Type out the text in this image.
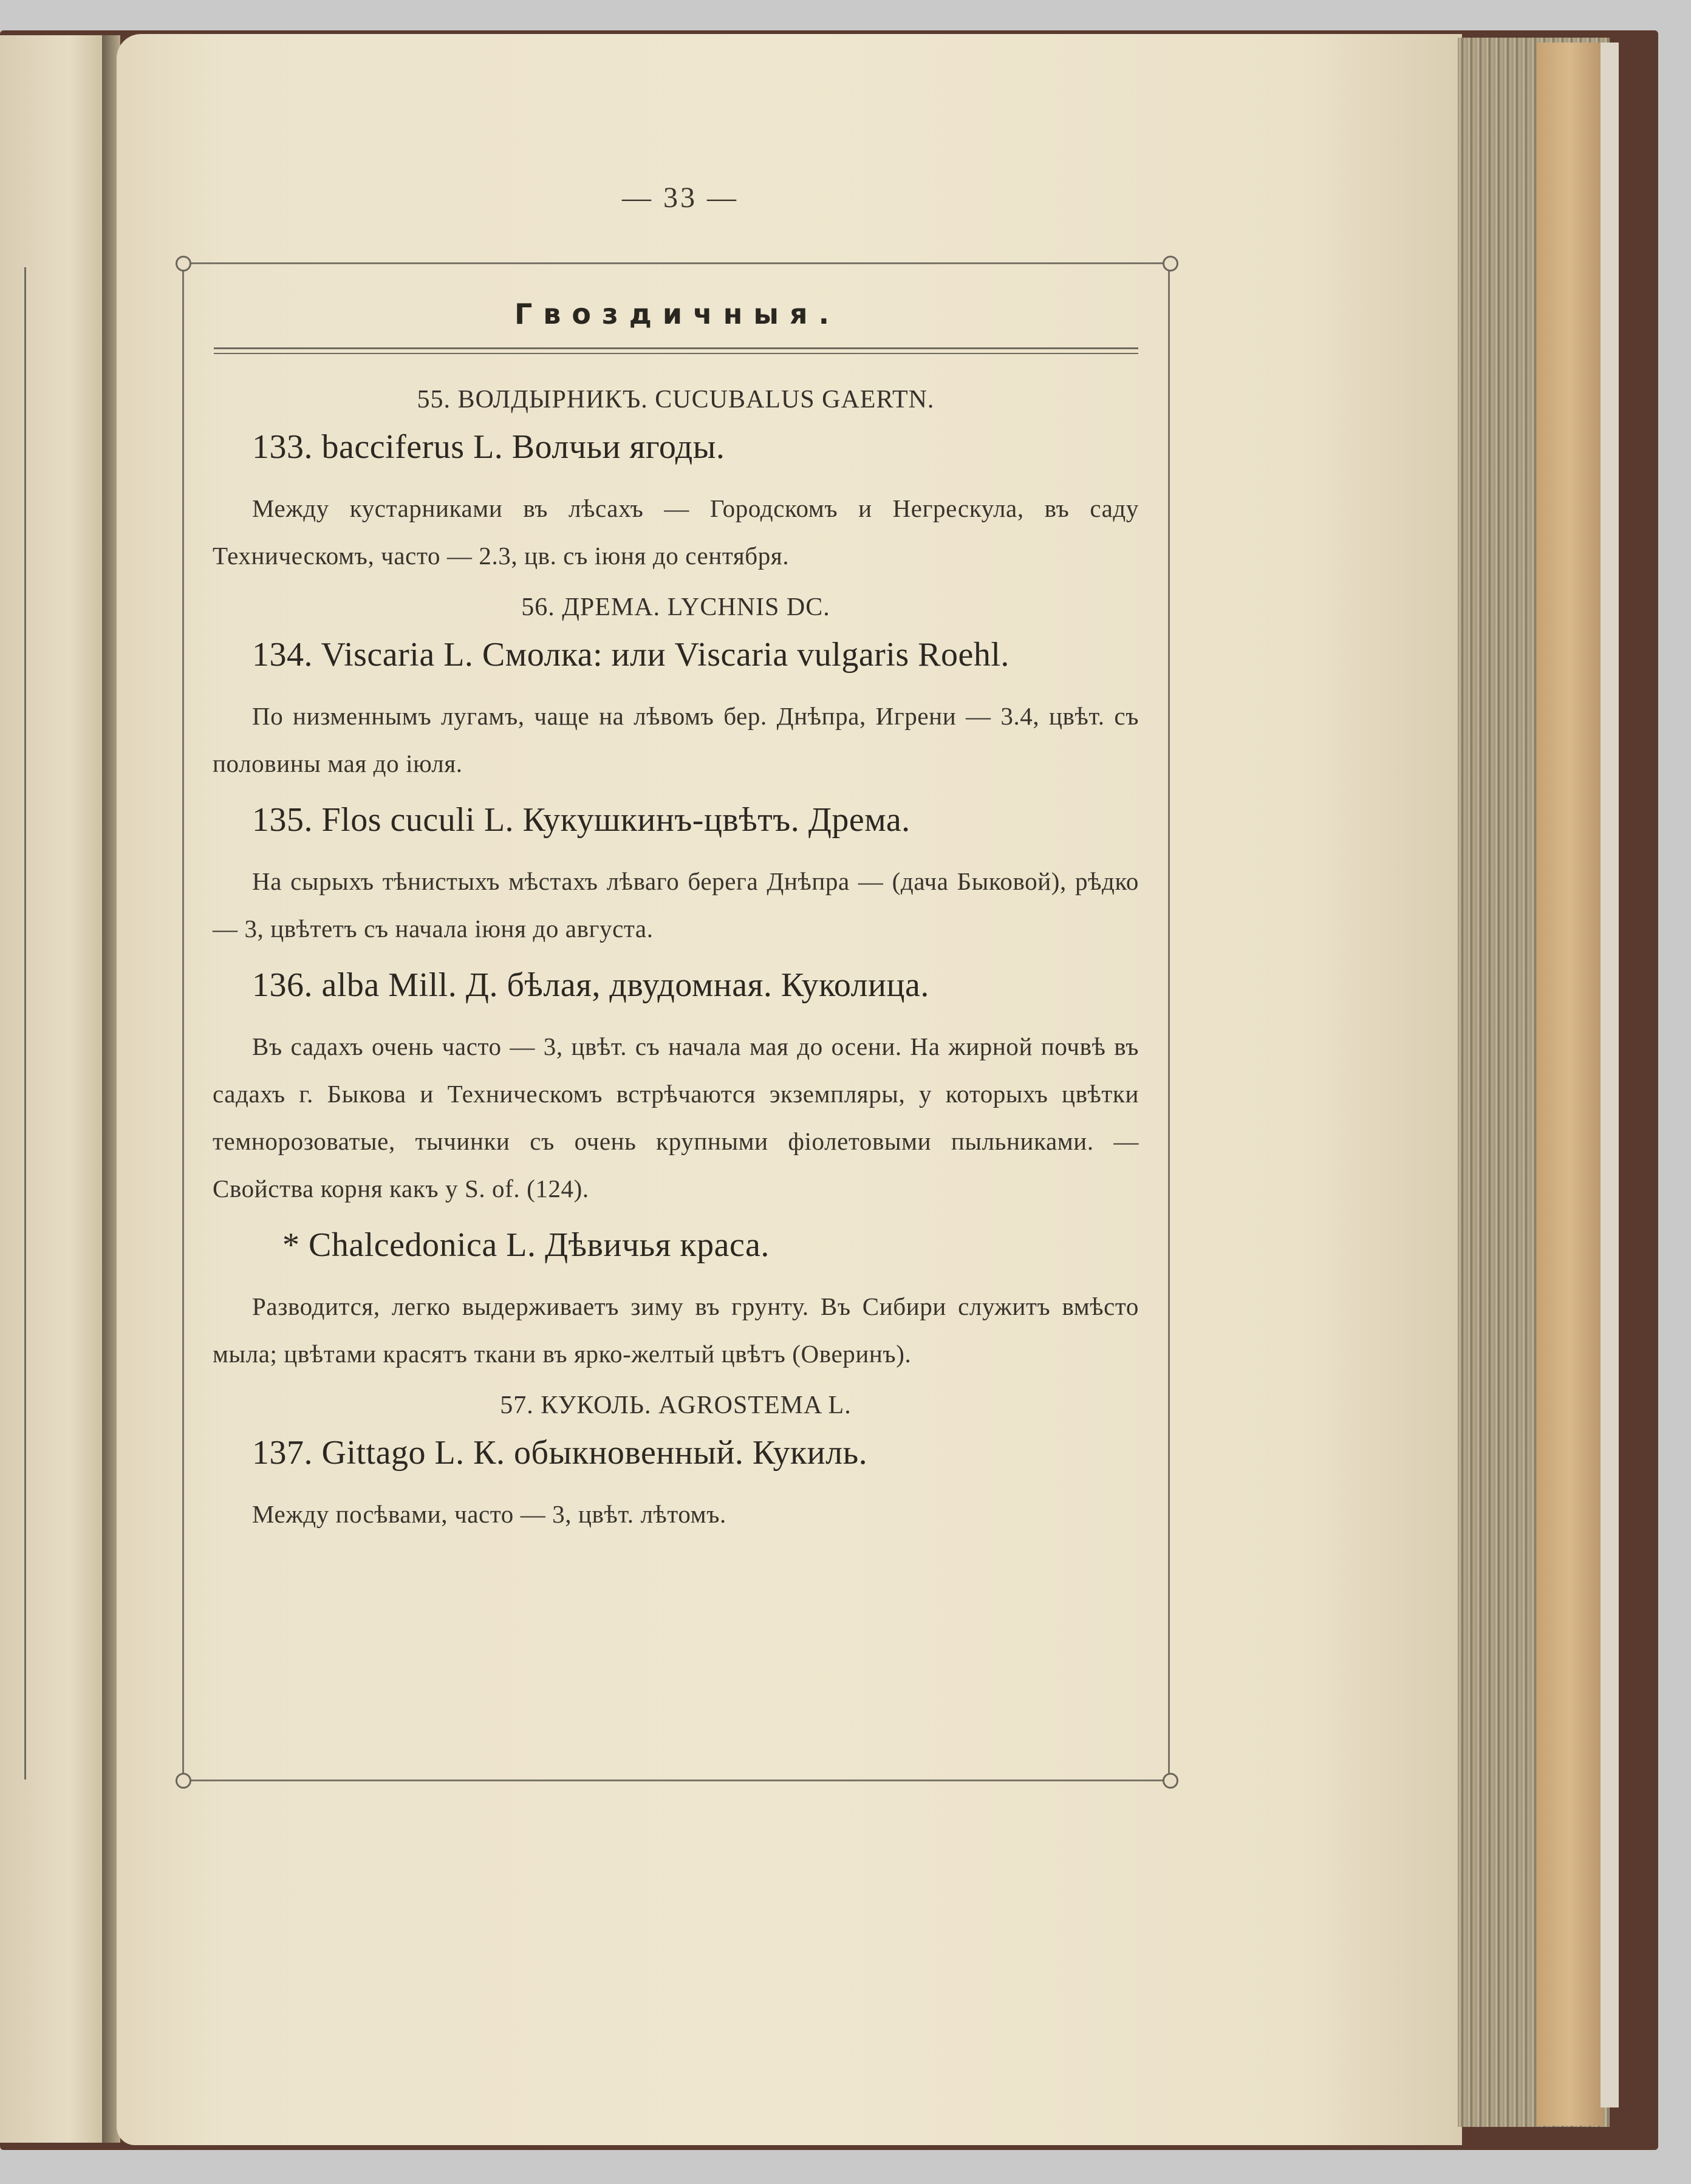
— 33 —
Гвоздичныя.
55. ВОЛДЫРНИКЪ. CUCUBALUS GAERTN.
133. bacciferus L. Волчьи ягоды.
Между кустарниками въ лѣсахъ — Городскомъ и Негрескула, въ саду Техническомъ, часто — 2.3, цв. съ іюня до сентября.
56. ДРЕМА. LYCHNIS DC.
134. Viscaria L. Смолка: или Viscaria vulgaris Roehl.
По низменнымъ лугамъ, чаще на лѣвомъ бер. Днѣпра, Игрени — 3.4, цвѣт. съ половины мая до іюля.
135. Flos cuculi L. Кукушкинъ-цвѣтъ. Дрема.
На сырыхъ тѣнистыхъ мѣстахъ лѣваго берега Днѣпра — (дача Быковой), рѣдко — 3, цвѣтетъ съ начала іюня до августа.
136. alba Mill. Д. бѣлая, двудомная. Куколица.
Въ садахъ очень часто — 3, цвѣт. съ начала мая до осени. На жирной почвѣ въ садахъ г. Быкова и Техническомъ встрѣчаются экземпляры, у которыхъ цвѣтки темнорозоватые, тычинки съ очень крупными фіолетовыми пыльниками. — Свойства корня какъ у S. of. (124).
* Chalcedonica L. Дѣвичья краса.
Разводится, легко выдерживаетъ зиму въ грунту. Въ Сибири служитъ вмѣсто мыла; цвѣтами красятъ ткани въ ярко-желтый цвѣтъ (Оверинъ).
57. КУКОЛЬ. AGROSTEMA L.
137. Gittago L. К. обыкновенный. Кукиль.
Между посѣвами, часто — 3, цвѣт. лѣтомъ.
